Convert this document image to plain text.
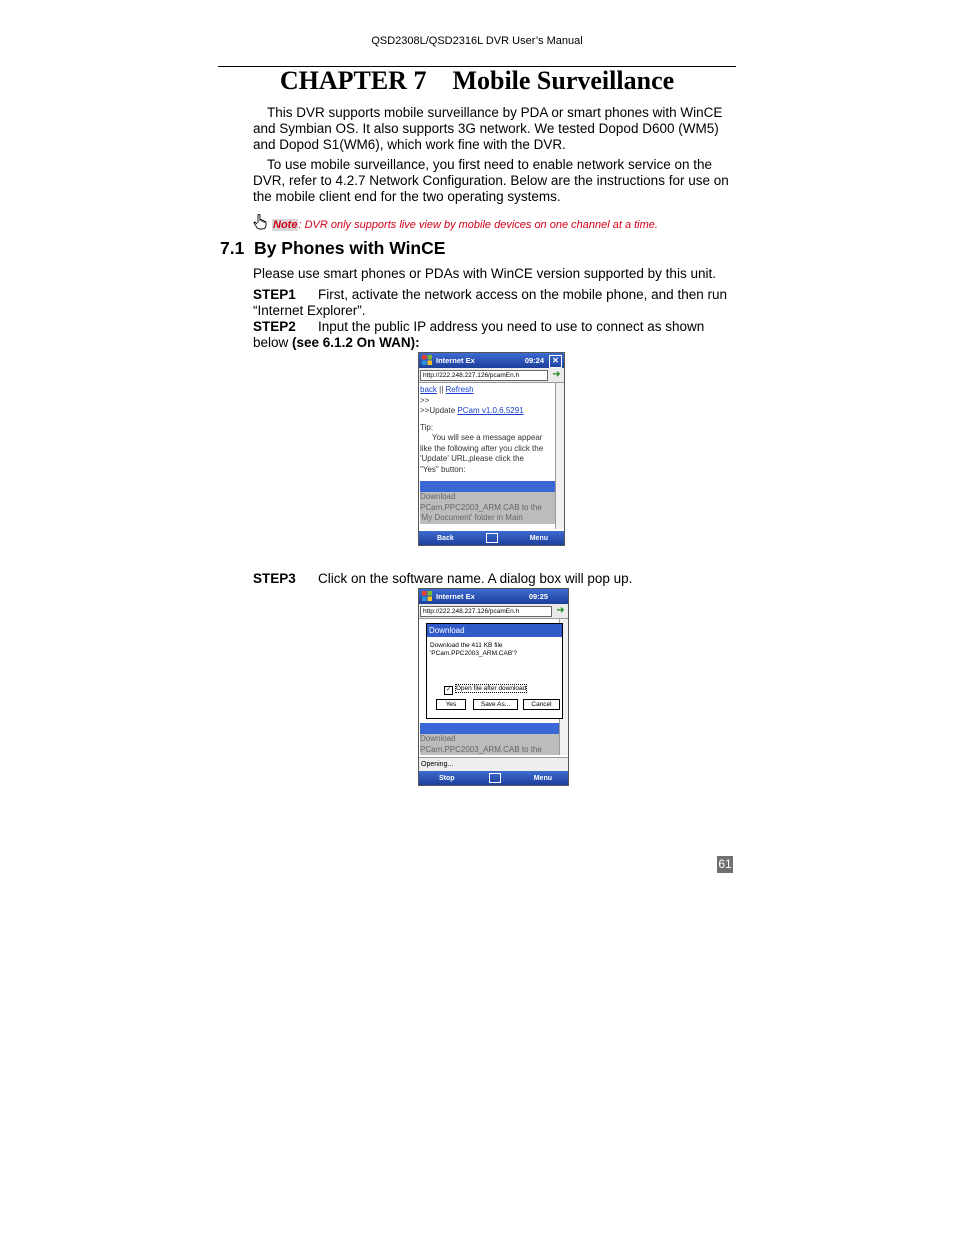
QSD2308L/QSD2316L DVR User’s Manual
CHAPTER 7    Mobile Surveillance
This DVR supports mobile surveillance by PDA or smart phones with WinCE and Symbian OS. It also supports 3G network. We tested Dopod D600 (WM5) and Dopod S1(WM6), which work fine with the DVR.
To use mobile surveillance, you first need to enable network service on the DVR, refer to 4.2.7 Network Configuration. Below are the instructions for use on the mobile client end for the two operating systems.
Note: DVR only supports live view by mobile devices on one channel at a time.
7.1  By Phones with WinCE
Please use smart phones or PDAs with WinCE version supported by this unit.
STEP1 First, activate the network access on the mobile phone, and then run “Internet Explorer”.
STEP2 Input the public IP address you need to use to connect as shown below (see 6.1.2 On WAN):
Internet Ex	09:24	✕
http://222.248.227.126/pcamEn.h	➜
back || Refresh
>>
>>Update PCam v1.0.6.5291
Tip:
You will see a message appear
like the following after you click the
'Update' URL,please click the
"Yes" button:
Download
PCam.PPC2003_ARM.CAB to the
'My Document' folder in Main
Back	Menu
STEP3 Click on the software name. A dialog box will pop up.
Internet Ex	09:25
http://222.248.227.126/pcamEn.h	➜
Download
PCam.PPC2003_ARM.CAB to the
Download
Download the 411 KB file
'PCam.PPC2003_ARM.CAB'?
✓ Open file after download
Yes	Save As...	Cancel
Opening...
Stop	Menu
61
